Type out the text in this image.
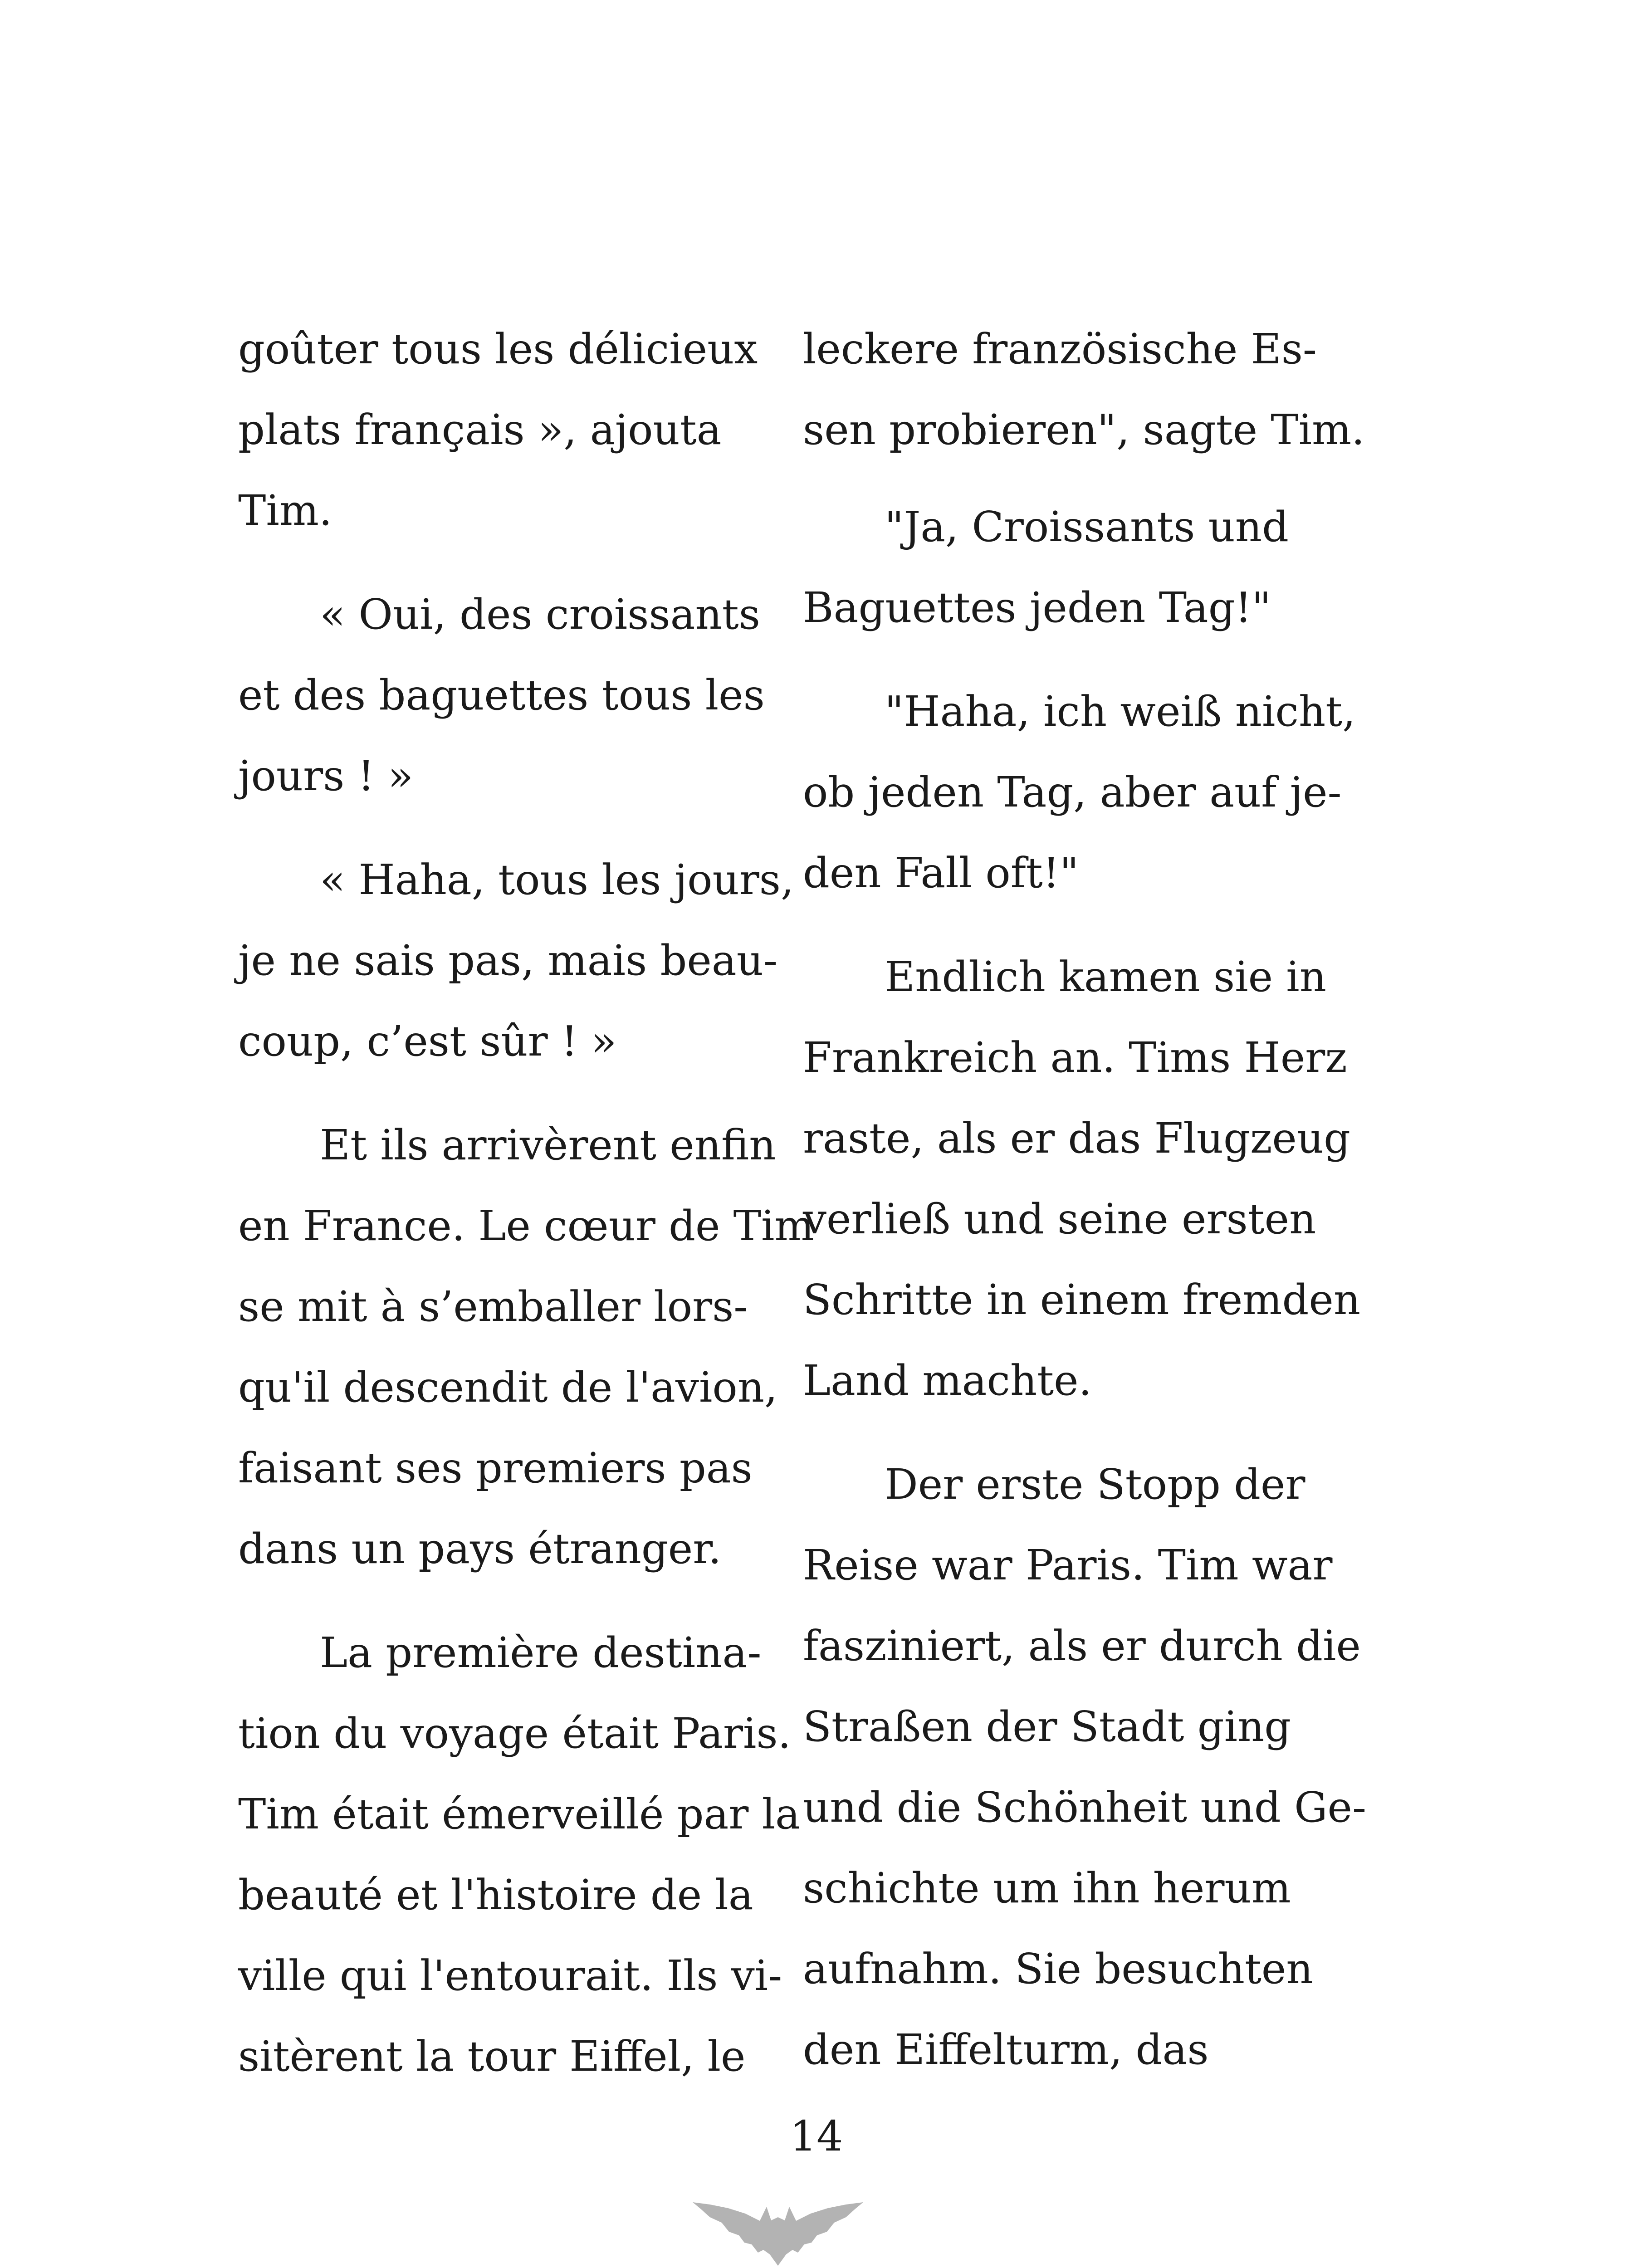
goûter tous les délicieux
plats français », ajouta
Tim.
« Oui, des croissants
et des baguettes tous les
jours ! »
« Haha, tous les jours,
je ne sais pas, mais beau-
coup, c’est sûr ! »
Et ils arrivèrent enfin
en France. Le cœur de Tim
se mit à s’emballer lors-
qu'il descendit de l'avion,
faisant ses premiers pas
dans un pays étranger.
La première destina-
tion du voyage était Paris.
Tim était émerveillé par la
beauté et l'histoire de la
ville qui l'entourait. Ils vi-
sitèrent la tour Eiffel, le
leckere französische Es-
sen probieren", sagte Tim.
"Ja, Croissants und
Baguettes jeden Tag!"
"Haha, ich weiß nicht,
ob jeden Tag, aber auf je-
den Fall oft!"
Endlich kamen sie in
Frankreich an. Tims Herz
raste, als er das Flugzeug
verließ und seine ersten
Schritte in einem fremden
Land machte.
Der erste Stopp der
Reise war Paris. Tim war
fasziniert, als er durch die
Straßen der Stadt ging
und die Schönheit und Ge-
schichte um ihn herum
aufnahm. Sie besuchten
den Eiffelturm, das
14
